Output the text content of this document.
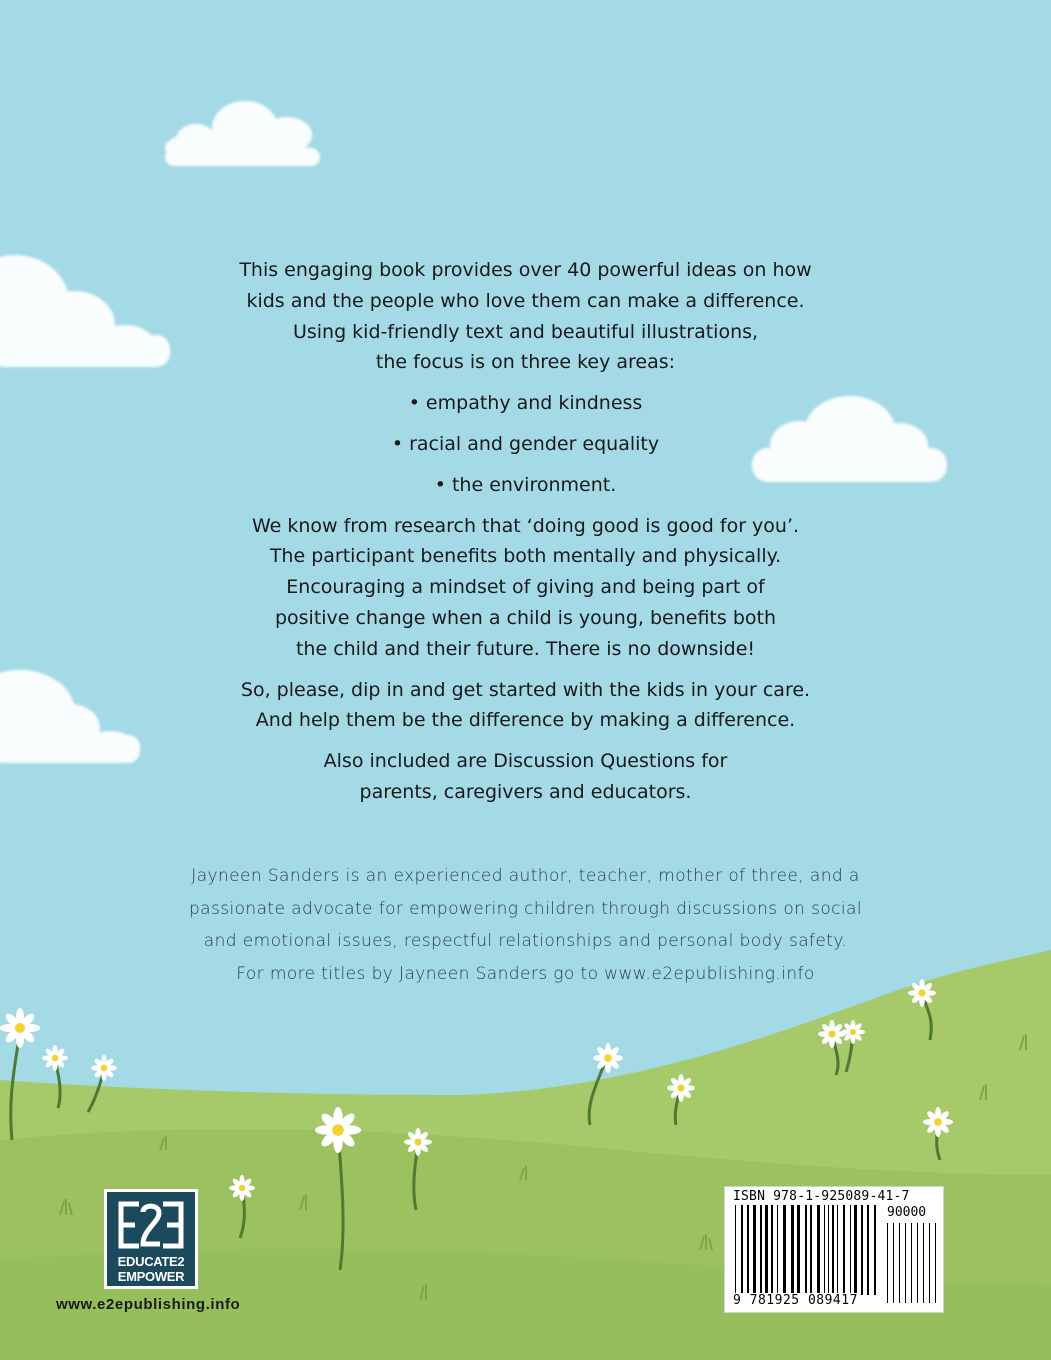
This engaging book provides over 40 powerful ideas on how
kids and the people who love them can make a difference.
Using kid-friendly text and beautiful illustrations,
the focus is on three key areas:

• empathy and kindness

• racial and gender equality

• the environment.

We know from research that ‘doing good is good for you’.
The participant benefits both mentally and physically.
Encouraging a mindset of giving and being part of
positive change when a child is young, benefits both
the child and their future. There is no downside!

So, please, dip in and get started with the kids in your care.
And help them be the difference by making a difference.

Also included are Discussion Questions for
parents, caregivers and educators.

Jayneen Sanders is an experienced author, teacher, mother of three, and a
passionate advocate for empowering children through discussions on social
and emotional issues, respectful relationships and personal body safety.
For more titles by Jayneen Sanders go to www.e2epublishing.info
EDUCATE2
EMPOWER
www.e2epublishing.info
ISBN 978-1-925089-41-7
90000
9 781925 089417
